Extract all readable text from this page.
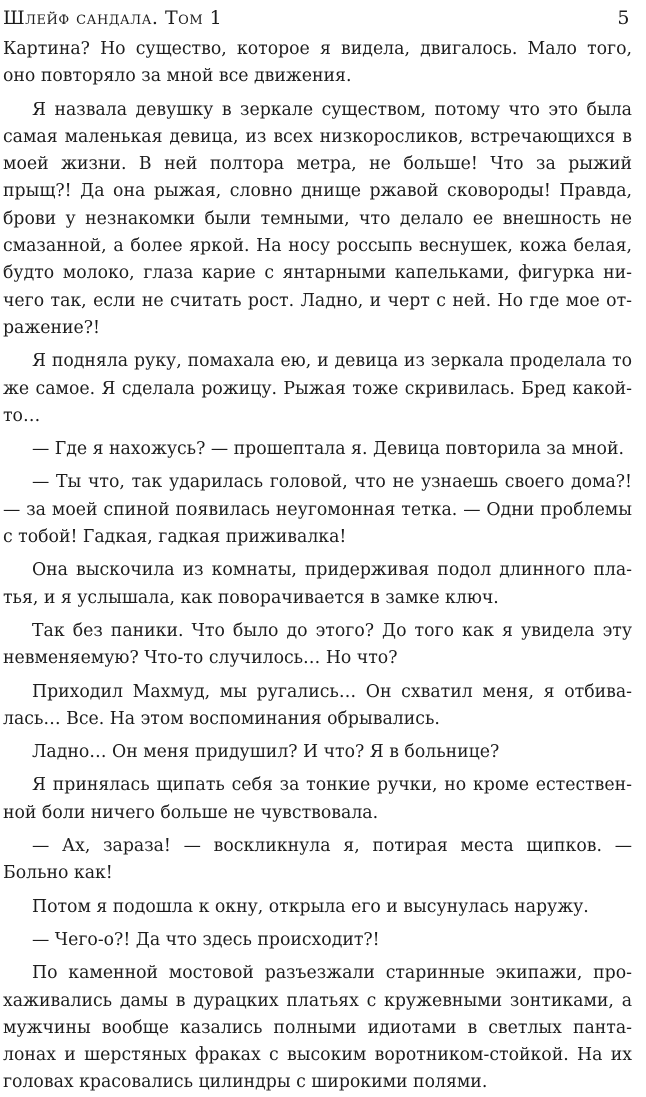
Шлейф сандала. Том 1	5

Картина? Но существо, которое я видела, двигалось. Мало того, оно повторяло за мной все движения.

Я назвала девушку в зеркале существом, потому что это была самая маленькая девица, из всех низкоросликов, встречающихся в моей жизни. В ней полтора метра, не больше! Что за рыжий прыщ?! Да она рыжая, словно днище ржавой сковороды! Правда, брови у незнакомки были темными, что делало ее внешность не смазанной, а более яркой. На носу россыпь веснушек, кожа белая, будто молоко, глаза карие с янтарными капельками, фигурка ничего так, если не считать рост. Ладно, и черт с ней. Но где мое отражение?!

Я подняла руку, помахала ею, и девица из зеркала проделала то же самое. Я сделала рожицу. Рыжая тоже скривилась. Бред какой-то…

— Где я нахожусь? — прошептала я. Девица повторила за мной.

— Ты что, так ударилась головой, что не узнаешь своего дома?! — за моей спиной появилась неугомонная тетка. — Одни проблемы с тобой! Гадкая, гадкая приживалка!

Она выскочила из комнаты, придерживая подол длинного платья, и я услышала, как поворачивается в замке ключ.

Так без паники. Что было до этого? До того как я увидела эту невменяемую? Что-то случилось… Но что?

Приходил Махмуд, мы ругались… Он схватил меня, я отбивалась… Все. На этом воспоминания обрывались.

Ладно… Он меня придушил? И что? Я в больнице?

Я принялась щипать себя за тонкие ручки, но кроме естественной боли ничего больше не чувствовала.

— Ах, зараза! — воскликнула я, потирая места щипков. — Больно как!

Потом я подошла к окну, открыла его и высунулась наружу.

— Чего-о?! Да что здесь происходит?!

По каменной мостовой разъезжали старинные экипажи, прохаживались дамы в дурацких платьях с кружевными зонтиками, а мужчины вообще казались полными идиотами в светлых панталонах и шерстяных фраках с высоким воротником-стойкой. На их головах красовались цилиндры с широкими полями.
